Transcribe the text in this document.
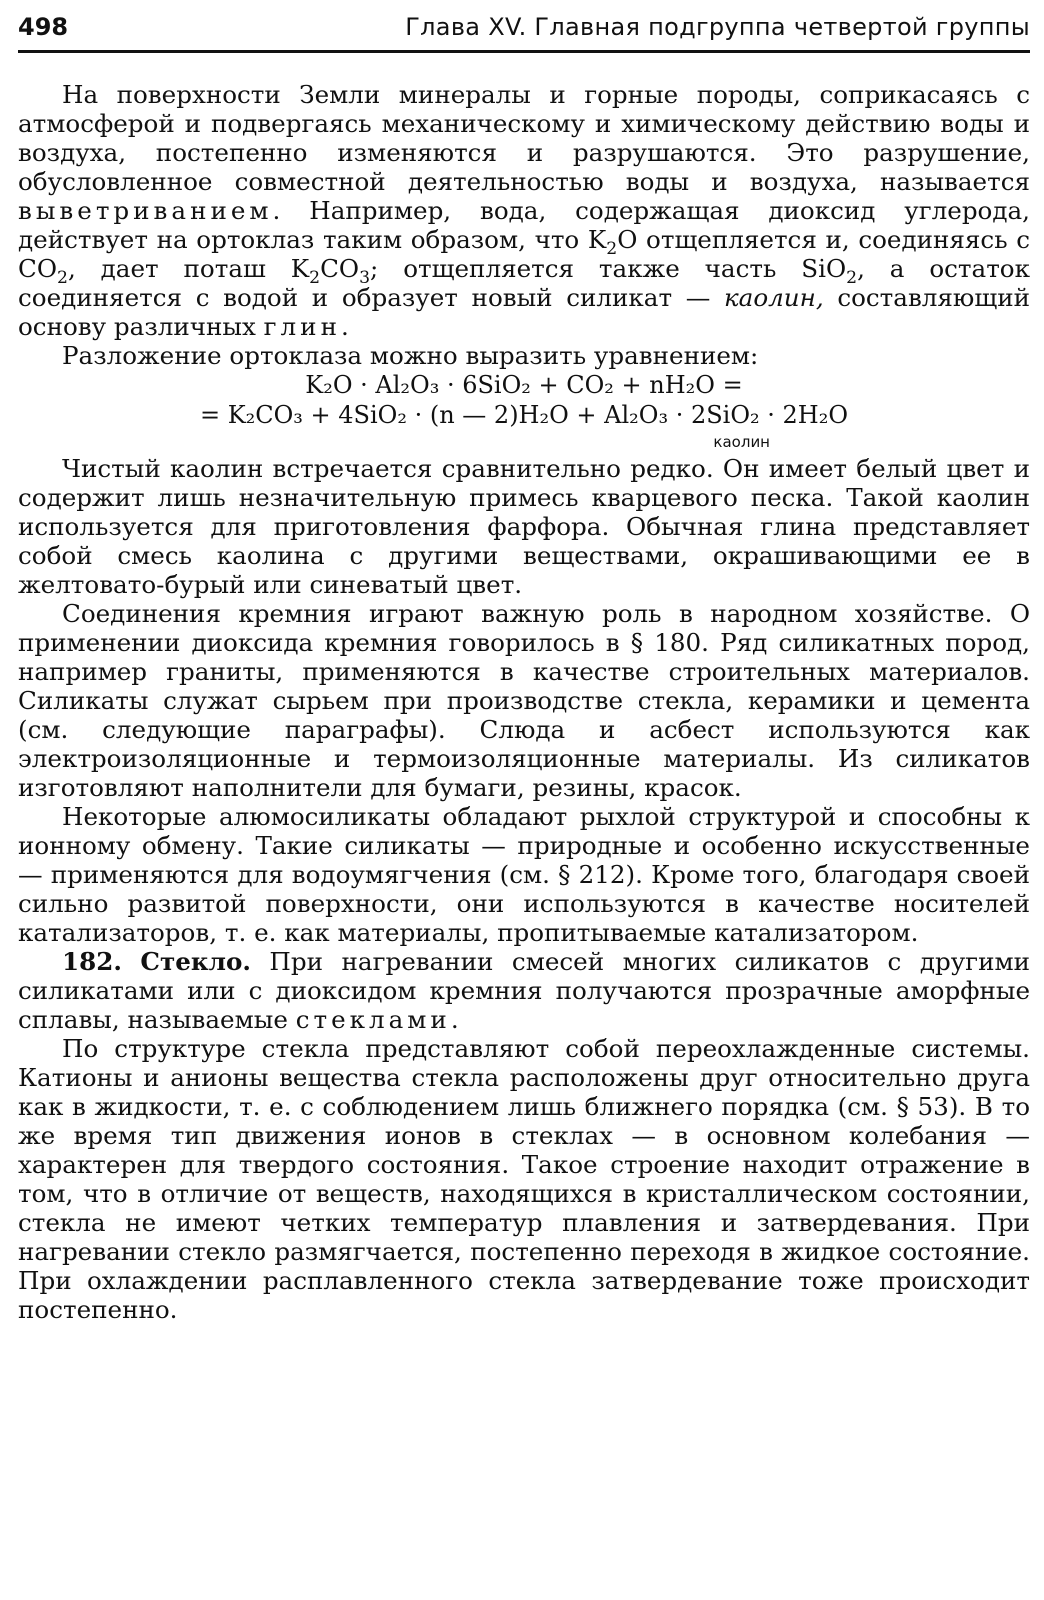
498	Глава XV. Главная подгруппа четвертой группы

На поверхности Земли минералы и горные породы, соприкасаясь с атмосферой и подвергаясь механическому и химическому действию воды и воздуха, постепенно изменяются и разрушаются. Это разрушение, обусловленное совместной деятельностью воды и воздуха, называется выветриванием. Например, вода, содержащая диоксид углерода, действует на ортоклаз таким образом, что $K_2O$ отщепляется и, соединяясь с $CO_2$, дает поташ $K_2CO_3$; отщепляется также часть SiO$_2$, а остаток соединяется с водой и образует новый силикат — каолин, составляющий основу различных глин.

Разложение ортоклаза можно выразить уравнением:

K₂O · Al₂O₃ · 6SiO₂ + CO₂ + nH₂O =
= K₂CO₃ + 4SiO₂ · (n — 2)H₂O + Al₂O₃ · 2SiO₂ · 2H₂O
каолин

Чистый каолин встречается сравнительно редко. Он имеет белый цвет и содержит лишь незначительную примесь кварцевого песка. Такой каолин используется для приготовления фарфора. Обычная глина представляет собой смесь каолина с другими веществами, окрашивающими ее в желтовато-бурый или синеватый цвет.

Соединения кремния играют важную роль в народном хозяйстве. О применении диоксида кремния говорилось в § 180. Ряд силикатных пород, например граниты, применяются в качестве строительных материалов. Силикаты служат сырьем при производстве стекла, керамики и цемента (см. следующие параграфы). Слюда и асбест используются как электроизоляционные и термоизоляционные материалы. Из силикатов изготовляют наполнители для бумаги, резины, красок.

Некоторые алюмосиликаты обладают рыхлой структурой и способны к ионному обмену. Такие силикаты — природные и особенно искусственные — применяются для водоумягчения (см. § 212). Кроме того, благодаря своей сильно развитой поверхности, они используются в качестве носителей катализаторов, т. е. как материалы, пропитываемые катализатором.

182. Стекло. При нагревании смесей многих силикатов с другими силикатами или с диоксидом кремния получаются прозрачные аморфные сплавы, называемые стеклами.

По структуре стекла представляют собой переохлажденные системы. Катионы и анионы вещества стекла расположены друг относительно друга как в жидкости, т. е. с соблюдением лишь ближнего порядка (см. § 53). В то же время тип движения ионов в стеклах — в основном колебания — характерен для твердого состояния. Такое строение находит отражение в том, что в отличие от веществ, находящихся в кристаллическом состоянии, стекла не имеют четких температур плавления и затвердевания. При нагревании стекло размягчается, постепенно переходя в жидкое состояние. При охлаждении расплавленного стекла затвердевание тоже происходит постепенно.
